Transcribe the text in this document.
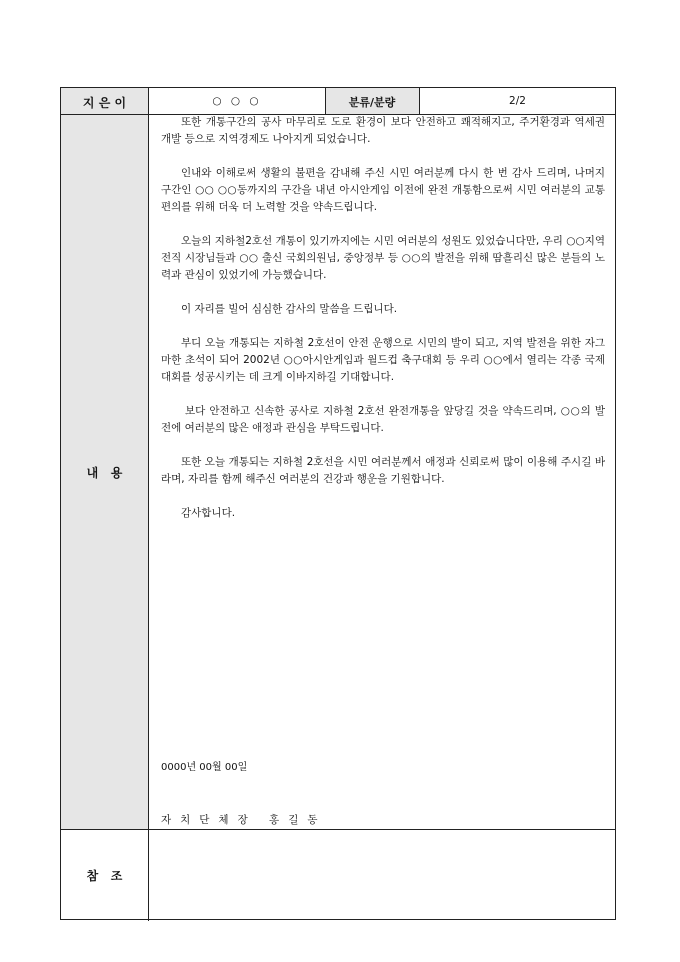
지 은 이	○ ○ ○	분류/분량	2/2
내   용

또한 개통구간의 공사 마무리로 도로 환경이 보다 안전하고 쾌적해지고, 주거환경과 역세권 개발 등으로 지역경제도 나아지게 되었습니다.

인내와 이해로써 생활의 불편을 감내해 주신 시민 여러분께 다시 한 번 감사 드리며, 나머지 구간인 ○○ ○○동까지의 구간을 내년 아시안게임 이전에 완전 개통함으로써 시민 여러분의 교통 편의를 위해 더욱 더 노력할 것을 약속드립니다.

오늘의 지하철2호선 개통이 있기까지에는 시민 여러분의 성원도 있었습니다만, 우리 ○○지역 전직 시장님들과 ○○ 출신 국회의원님, 중앙정부 등 ○○의 발전을 위해 땀흘리신 많은 분들의 노력과 관심이 있었기에 가능했습니다.

이 자리를 빌어 심심한 감사의 말씀을 드립니다.

부디 오늘 개통되는 지하철 2호선이 안전 운행으로 시민의 발이 되고, 지역 발전을 위한 자그마한 초석이 되어 2002년 ○○아시안게임과 월드컵 축구대회 등 우리 ○○에서 열리는 각종 국제대회를 성공시키는 데 크게 이바지하길 기대합니다.

보다 안전하고 신속한 공사로 지하철 2호선 완전개통을 앞당길 것을 약속드리며, ○○의 발전에 여러분의 많은 애정과 관심을 부탁드립니다.

또한 오늘 개통되는 지하철 2호선을 시민 여러분께서 애정과 신뢰로써 많이 이용해 주시길 바라며, 자리를 함께 해주신 여러분의 건강과 행운을 기원합니다.

감사합니다.

0000년 00월 00일
자치단체장 홍길동
참   조
